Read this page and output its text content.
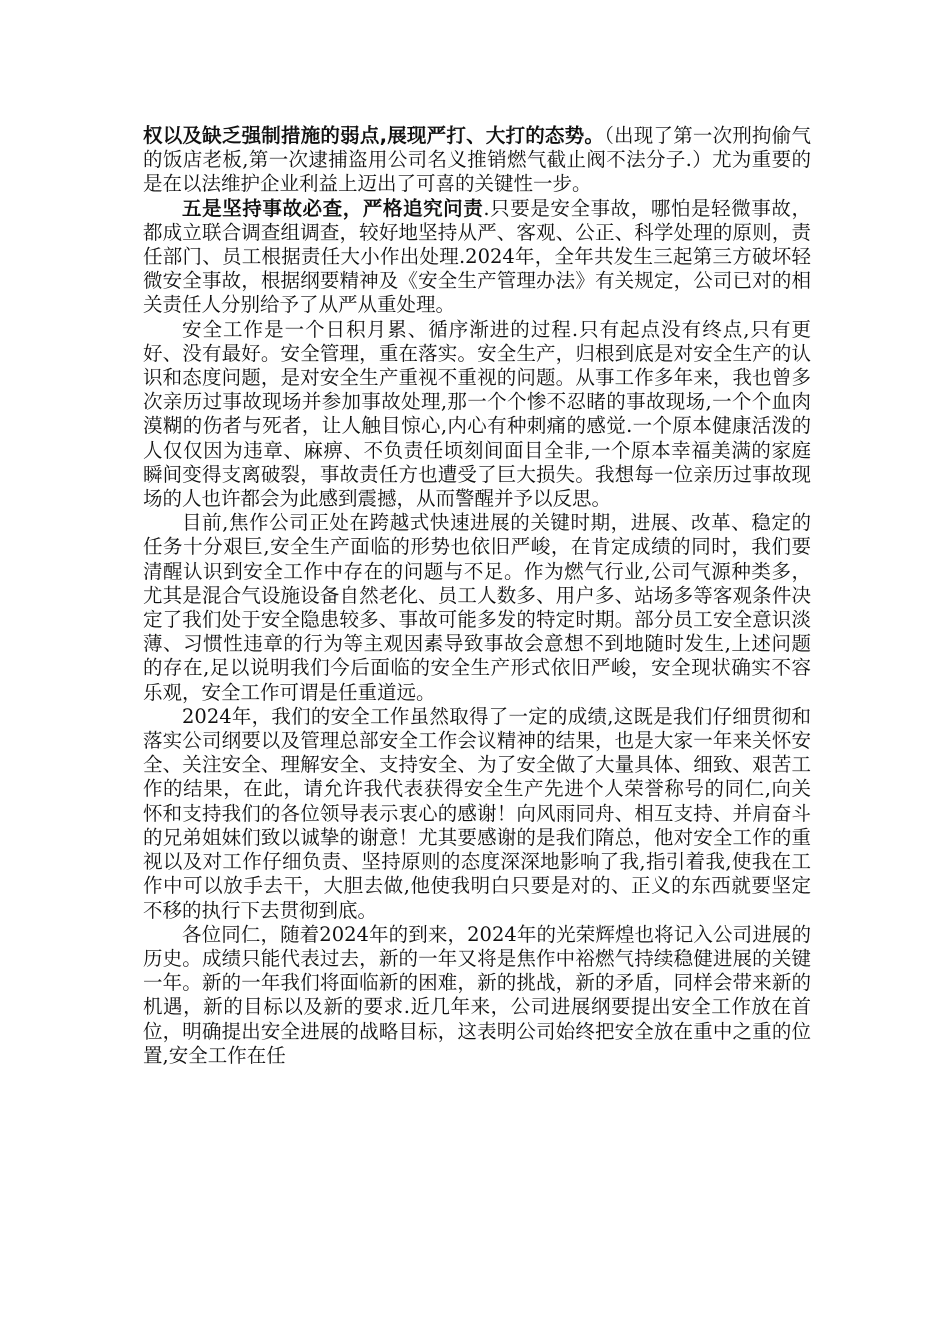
权以及缺乏强制措施的弱点,展现严打、大打的态势。（出现了第一次刑拘偷气的饭店老板,第一次逮捕盗用公司名义推销燃气截止阀不法分子.）尤为重要的是在以法维护企业利益上迈出了可喜的关键性一步。

五是坚持事故必查，严格追究问责.只要是安全事故，哪怕是轻微事故，都成立联合调查组调查，较好地坚持从严、客观、公正、科学处理的原则，责任部门、员工根据责任大小作出处理.2024年，全年共发生三起第三方破坏轻微安全事故，根据纲要精神及《安全生产管理办法》有关规定，公司已对的相关责任人分别给予了从严从重处理。

安全工作是一个日积月累、循序渐进的过程.只有起点没有终点,只有更好、没有最好。安全管理，重在落实。安全生产，归根到底是对安全生产的认识和态度问题，是对安全生产重视不重视的问题。从事工作多年来，我也曾多次亲历过事故现场并参加事故处理,那一个个惨不忍睹的事故现场,一个个血肉漠糊的伤者与死者，让人触目惊心,内心有种刺痛的感觉.一个原本健康活泼的人仅仅因为违章、麻痹、不负责任顷刻间面目全非,一个原本幸福美满的家庭瞬间变得支离破裂，事故责任方也遭受了巨大损失。我想每一位亲历过事故现场的人也许都会为此感到震撼，从而警醒并予以反思。

目前,焦作公司正处在跨越式快速进展的关键时期，进展、改革、稳定的任务十分艰巨,安全生产面临的形势也依旧严峻，在肯定成绩的同时，我们要清醒认识到安全工作中存在的问题与不足。作为燃气行业,公司气源种类多，尤其是混合气设施设备自然老化、员工人数多、用户多、站场多等客观条件决定了我们处于安全隐患较多、事故可能多发的特定时期。部分员工安全意识淡薄、习惯性违章的行为等主观因素导致事故会意想不到地随时发生,上述问题的存在,足以说明我们今后面临的安全生产形式依旧严峻，安全现状确实不容乐观，安全工作可谓是任重道远。

2024年，我们的安全工作虽然取得了一定的成绩,这既是我们仔细贯彻和落实公司纲要以及管理总部安全工作会议精神的结果，也是大家一年来关怀安全、关注安全、理解安全、支持安全、为了安全做了大量具体、细致、艰苦工作的结果，在此，请允许我代表获得安全生产先进个人荣誉称号的同仁,向关怀和支持我们的各位领导表示衷心的感谢！向风雨同舟、相互支持、并肩奋斗的兄弟姐妹们致以诚挚的谢意！尤其要感谢的是我们隋总，他对安全工作的重视以及对工作仔细负责、坚持原则的态度深深地影响了我,指引着我,使我在工作中可以放手去干，大胆去做,他使我明白只要是对的、正义的东西就要坚定不移的执行下去贯彻到底。

各位同仁，随着2024年的到来，2024年的光荣辉煌也将记入公司进展的历史。成绩只能代表过去，新的一年又将是焦作中裕燃气持续稳健进展的关键一年。新的一年我们将面临新的困难，新的挑战，新的矛盾，同样会带来新的机遇，新的目标以及新的要求.近几年来，公司进展纲要提出安全工作放在首位，明确提出安全进展的战略目标，这表明公司始终把安全放在重中之重的位置,安全工作在任
